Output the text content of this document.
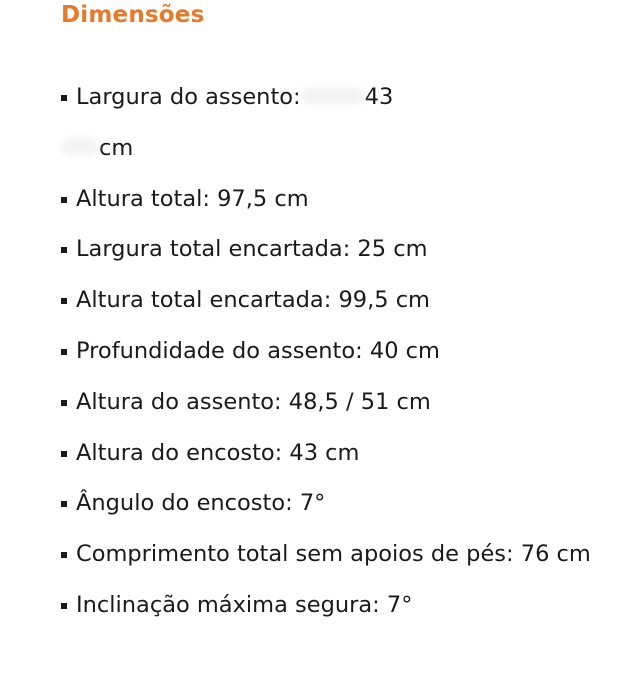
Dimensões
Largura do assento:	43
cm
Altura total: 97,5 cm
Largura total encartada: 25 cm
Altura total encartada: 99,5 cm
Profundidade do assento: 40 cm
Altura do assento: 48,5 / 51 cm
Altura do encosto: 43 cm
Ângulo do encosto: 7°
Comprimento total sem apoios de pés: 76 cm
Inclinação máxima segura: 7°
